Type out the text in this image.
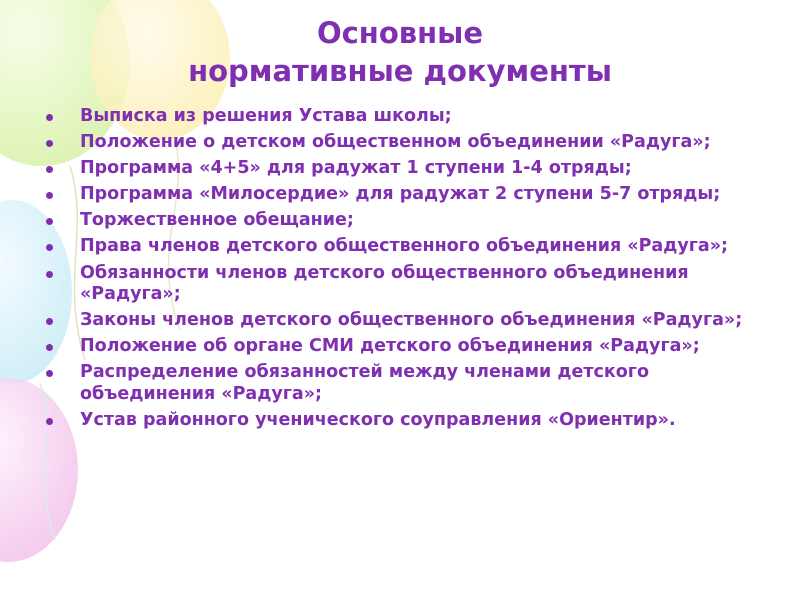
Основные
нормативные документы
Выписка из решения Устава школы;
Положение о детском общественном объединении «Радуга»;
Программа «4+5» для радужат 1 ступени 1-4 отряды;
Программа «Милосердие» для радужат 2 ступени 5-7 отряды;
Торжественное обещание;
Права членов детского общественного объединения «Радуга»;
Обязанности членов детского общественного объединения «Радуга»;
Законы членов детского общественного объединения «Радуга»;
Положение об органе СМИ детского объединения «Радуга»;
Распределение обязанностей между членами детского объединения «Радуга»;
Устав районного ученического соуправления «Ориентир».
